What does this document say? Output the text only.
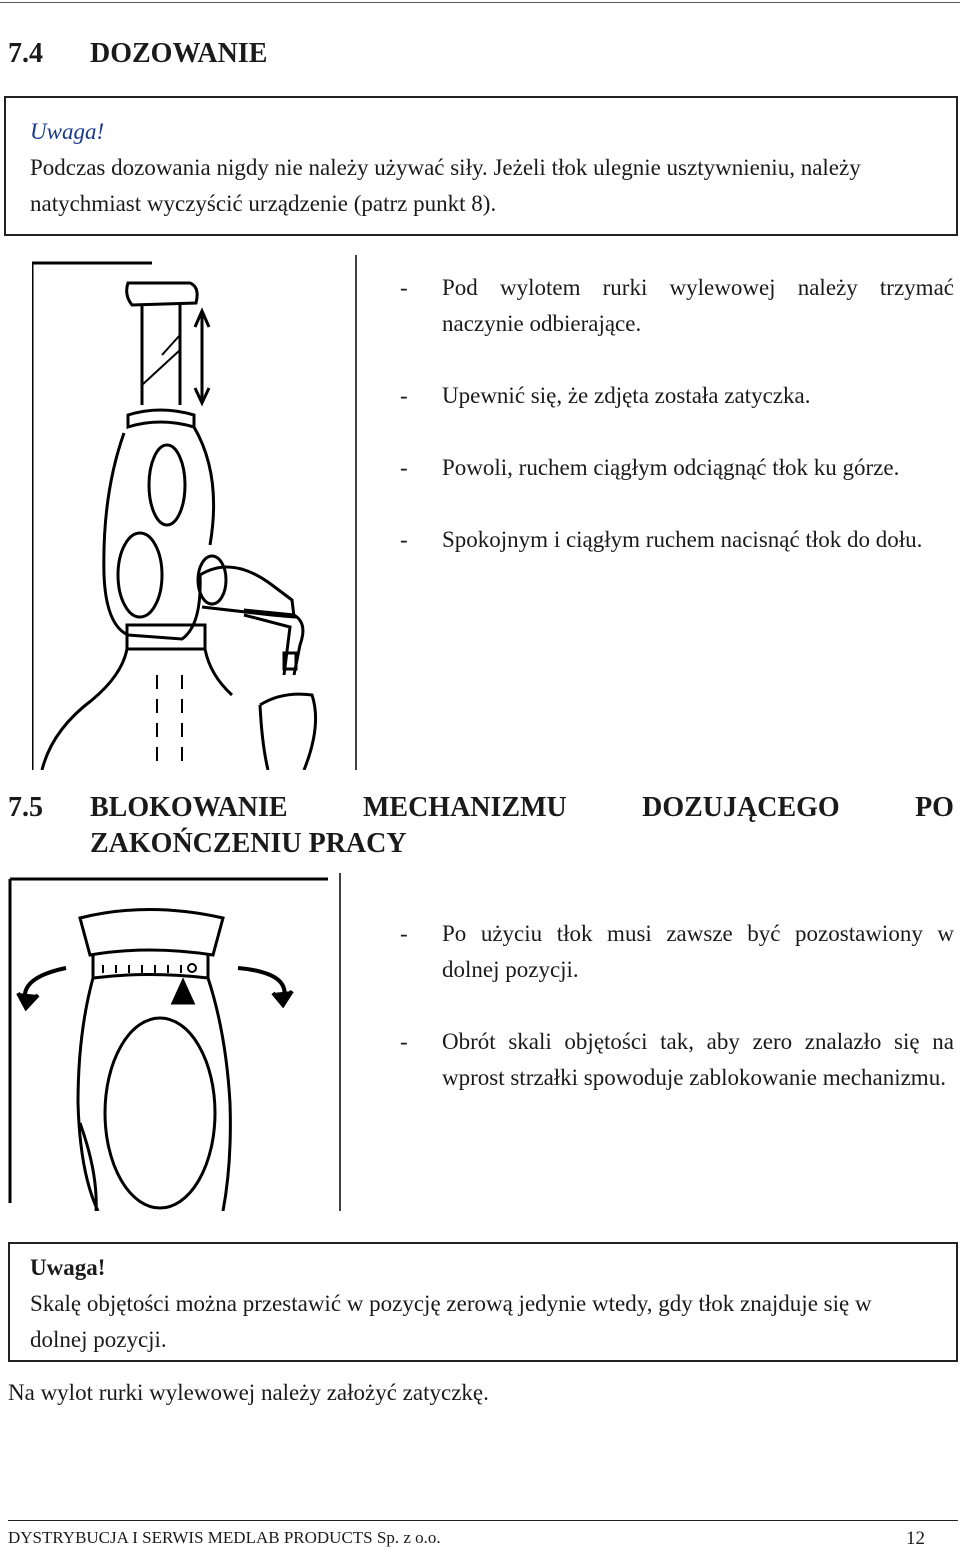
7.4 DOZOWANIE

Uwaga!

Podczas dozowania nigdy nie należy używać siły. Jeżeli tłok ulegnie usztywnieniu, należy natychmiast wyczyścić urządzenie (patrz punkt 8).

-	Pod wylotem rurki wylewowej należy trzymać naczynie odbierające.
-	Upewnić się, że zdjęta została zatyczka.
-	Powoli, ruchem ciągłym odciągnąć tłok ku górze.
-	Spokojnym i ciągłym ruchem nacisnąć tłok do dołu.
7.5 BLOKOWANIE	MECHANIZMU	DOZUJĄCEGO	PO
ZAKOŃCZENIU PRACY
-	Po użyciu tłok musi zawsze być pozostawiony w dolnej pozycji.
-	Obrót skali objętości tak, aby zero znalazło się na wprost strzałki spowoduje zablokowanie mechanizmu.

Uwaga!

Skalę objętości można przestawić w pozycję zerową jedynie wtedy, gdy tłok znajduje się w dolnej pozycji.

Na wylot rurki wylewowej należy założyć zatyczkę.
DYSTRYBUCJA I SERWIS MEDLAB PRODUCTS Sp. z o.o.	12
